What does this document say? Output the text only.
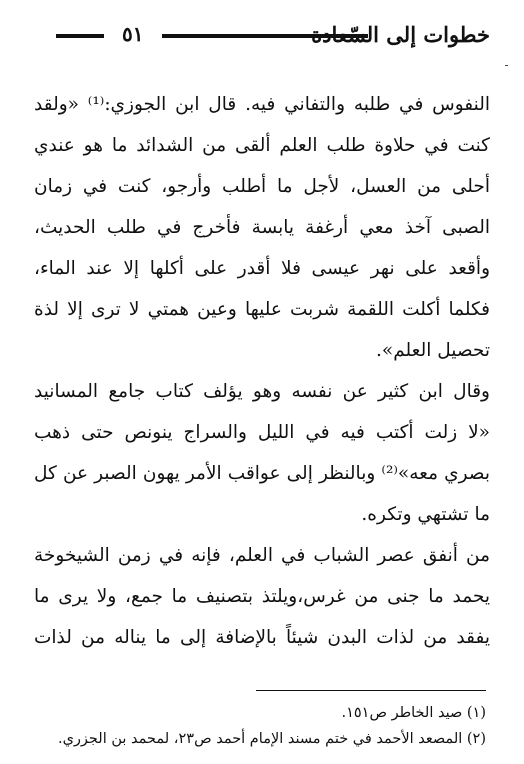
خطوات إلى السّعادة
٥١
ـ
النفوس في طلبه والتفاني فيه. قال ابن الجوزي:⁽¹⁾ «ولقد
كنت في حلاوة طلب العلم ألقى من الشدائد ما هو عندي
أحلى من العسل، لأجل ما أطلب وأرجو، كنت في زمان
الصبى آخذ معي أرغفة يابسة فأخرج في طلب الحديث،
وأقعد على نهر عيسى فلا أقدر على أكلها إلا عند الماء،
فكلما أكلت اللقمة شربت عليها وعين همتي لا ترى إلا لذة
تحصيل العلم».
وقال ابن كثير عن نفسه وهو يؤلف كتاب جامع المسانيد
«لا زلت أكتب فيه في الليل والسراج ينونص حتى ذهب
بصري معه»⁽²⁾ وبالنظر إلى عواقب الأمر يهون الصبر عن كل
ما تشتهي وتكره.
من أنفق عصر الشباب في العلم، فإنه في زمن الشيخوخة
يحمد ما جنى من غرس،ويلتذ بتصنيف ما جمع، ولا يرى ما
يفقد من لذات البدن شيئاً بالإضافة إلى ما يناله من لذات
(١) صيد الخاطر ص١٥١.
(٢) المصعد الأحمد في ختم مسند الإمام أحمد ص٢٣، لمحمد بن الجزري.
